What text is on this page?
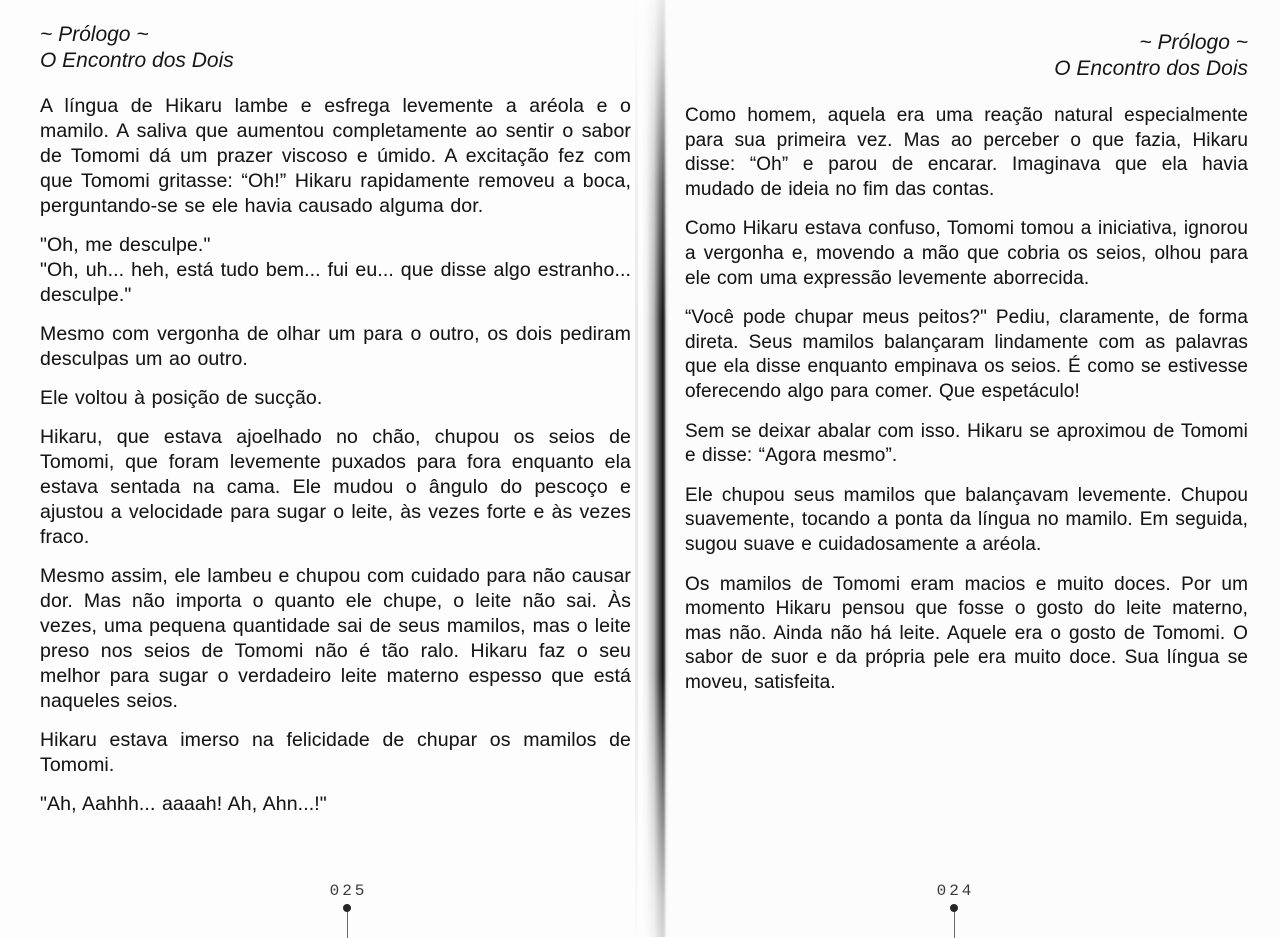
~ Prólogo ~
O Encontro dos Dois

A língua de Hikaru lambe e esfrega levemente a aréola e o mamilo. A saliva que aumentou completamente ao sentir o sabor de Tomomi dá um prazer viscoso e úmido. A excitação fez com que Tomomi gritasse: “Oh!” Hikaru rapidamente removeu a boca, perguntando-se se ele havia causado alguma dor.

"Oh, me desculpe."

"Oh, uh... heh, está tudo bem... fui eu... que disse algo estranho... desculpe."

Mesmo com vergonha de olhar um para o outro, os dois pediram desculpas um ao outro.

Ele voltou à posição de sucção.

Hikaru, que estava ajoelhado no chão, chupou os seios de Tomomi, que foram levemente puxados para fora enquanto ela estava sentada na cama. Ele mudou o ângulo do pescoço e ajustou a velocidade para sugar o leite, às vezes forte e às vezes fraco.

Mesmo assim, ele lambeu e chupou com cuidado para não causar dor. Mas não importa o quanto ele chupe, o leite não sai. Às vezes, uma pequena quantidade sai de seus mamilos, mas o leite preso nos seios de Tomomi não é tão ralo. Hikaru faz o seu melhor para sugar o verdadeiro leite materno espesso que está naqueles seios.

Hikaru estava imerso na felicidade de chupar os mamilos de Tomomi.

"Ah, Aahhh... aaaah! Ah, Ahn...!"

~ Prólogo ~
O Encontro dos Dois

Como homem, aquela era uma reação natural especialmente para sua primeira vez. Mas ao perceber o que fazia, Hikaru disse: “Oh” e parou de encarar. Imaginava que ela havia mudado de ideia no fim das contas.

Como Hikaru estava confuso, Tomomi tomou a iniciativa, ignorou a vergonha e, movendo a mão que cobria os seios, olhou para ele com uma expressão levemente aborrecida.

“Você pode chupar meus peitos?" Pediu, claramente, de forma direta. Seus mamilos balançaram lindamente com as palavras que ela disse enquanto empinava os seios. É como se estivesse oferecendo algo para comer. Que espetáculo!

Sem se deixar abalar com isso. Hikaru se aproximou de Tomomi e disse: “Agora mesmo”.

Ele chupou seus mamilos que balançavam levemente. Chupou suavemente, tocando a ponta da língua no mamilo. Em seguida, sugou suave e cuidadosamente a aréola.

Os mamilos de Tomomi eram macios e muito doces. Por um momento Hikaru pensou que fosse o gosto do leite materno, mas não. Ainda não há leite. Aquele era o gosto de Tomomi. O sabor de suor e da própria pele era muito doce. Sua língua se moveu, satisfeita.

025	024
